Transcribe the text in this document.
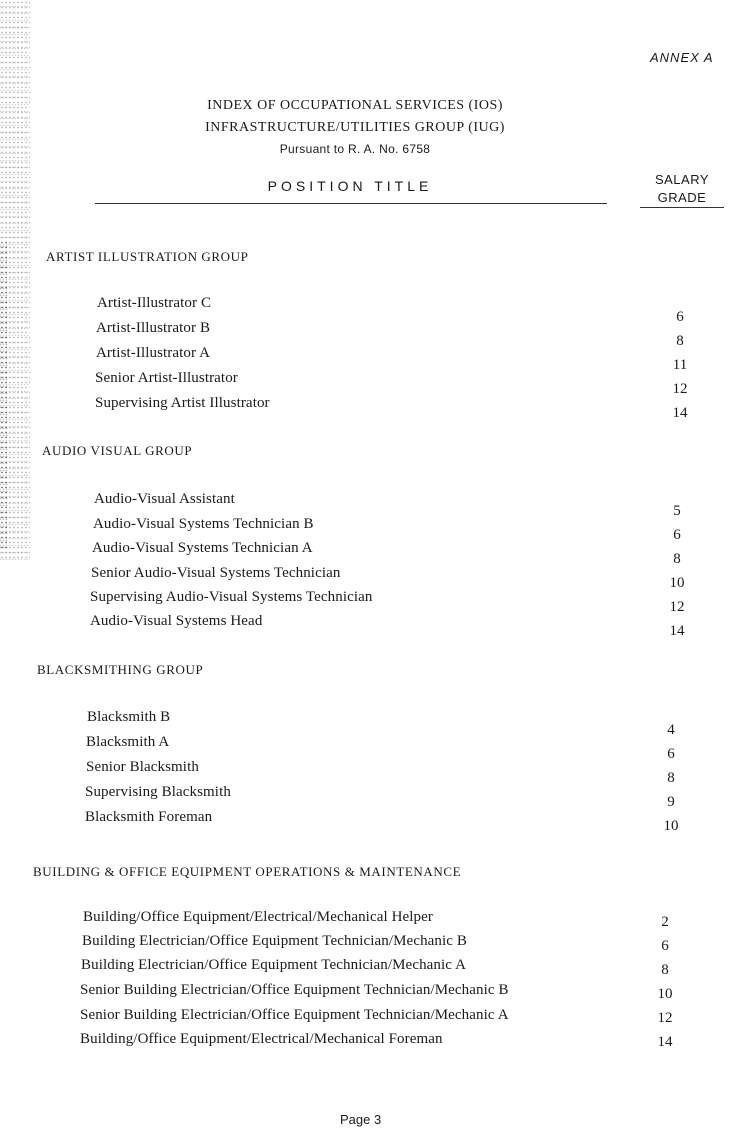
ANNEX A
INDEX OF OCCUPATIONAL SERVICES (IOS)
INFRASTRUCTURE/UTILITIES GROUP (IUG)
Pursuant to R. A. No. 6758
POSITION TITLE	SALARY
GRADE
ARTIST ILLUSTRATION GROUP
Artist-Illustrator C
Artist-Illustrator B
Artist-Illustrator A
Senior Artist-Illustrator
Supervising Artist Illustrator
6
8
11
12
14
AUDIO VISUAL GROUP
Audio-Visual Assistant
Audio-Visual Systems Technician B
Audio-Visual Systems Technician A
Senior Audio-Visual Systems Technician
Supervising Audio-Visual Systems Technician
Audio-Visual Systems Head
5
6
8
10
12
14
BLACKSMITHING GROUP
Blacksmith B
Blacksmith A
Senior Blacksmith
Supervising Blacksmith
Blacksmith Foreman
4
6
8
9
10
BUILDING & OFFICE EQUIPMENT OPERATIONS & MAINTENANCE
Building/Office Equipment/Electrical/Mechanical Helper
Building Electrician/Office Equipment Technician/Mechanic B
Building Electrician/Office Equipment Technician/Mechanic A
Senior Building Electrician/Office Equipment Technician/Mechanic B
Senior Building Electrician/Office Equipment Technician/Mechanic A
Building/Office Equipment/Electrical/Mechanical Foreman
2
6
8
10
12
14
Page 3
